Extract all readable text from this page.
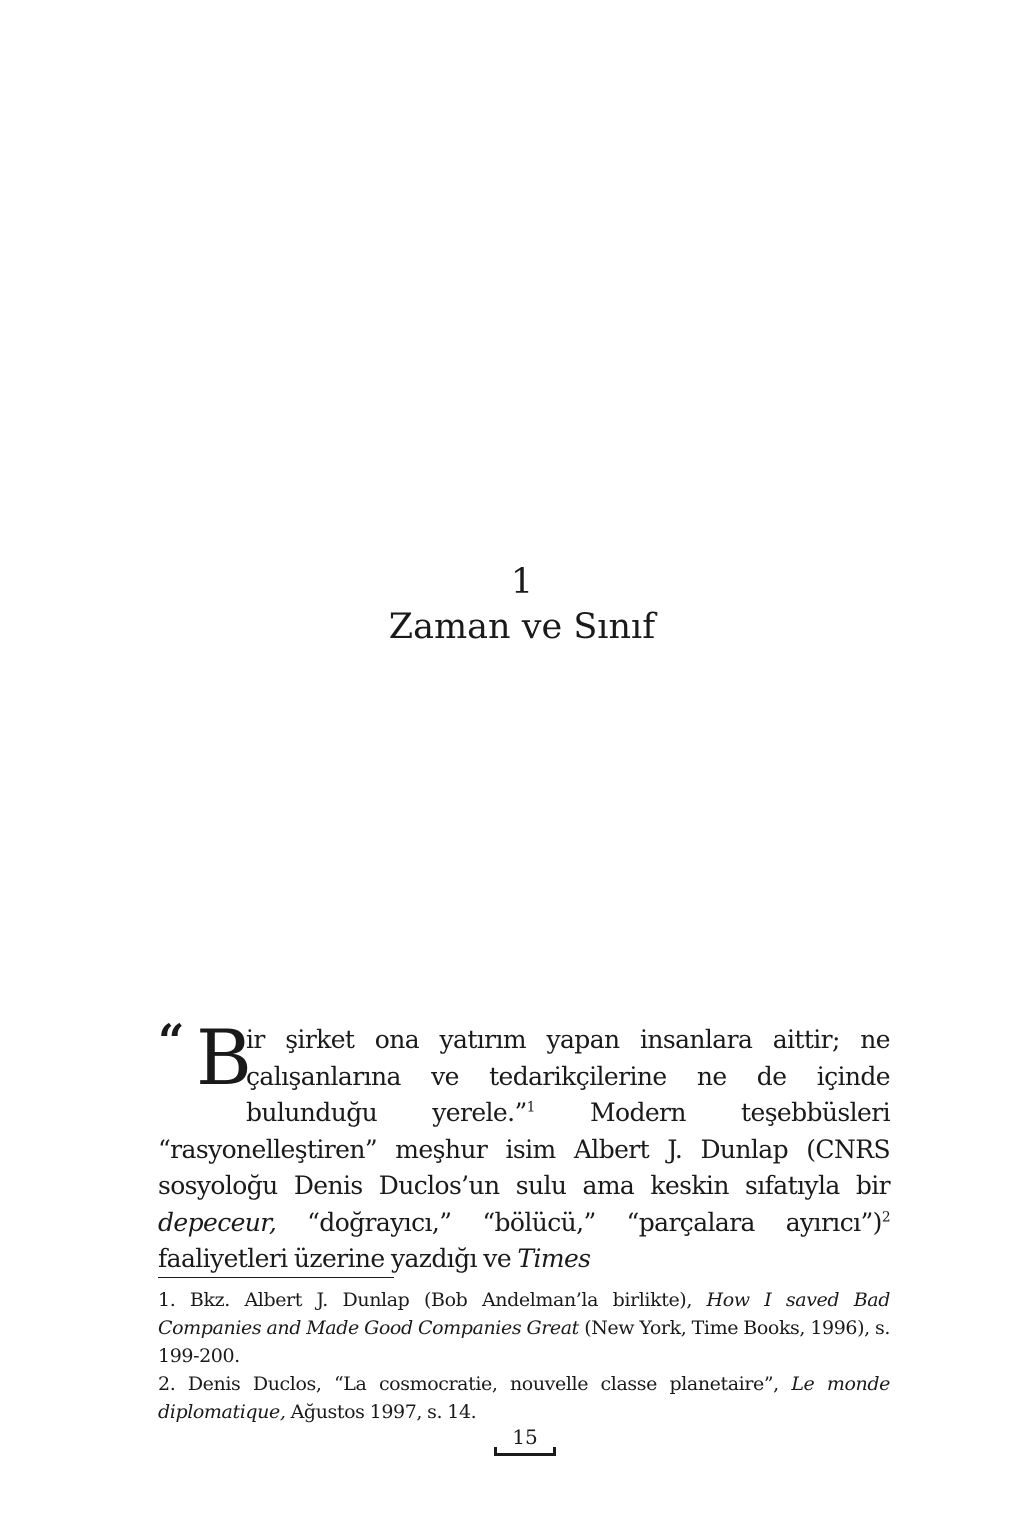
1
Zaman ve Sınıf

“ B
ir şirket ona yatırım yapan insanlara aittir; ne çalışanlarına ve tedarikçilerine ne de içinde bulunduğu yerele.”$^1$ Modern teşebbüsleri “rasyonelleştiren” meşhur isim Albert J. Dunlap (CNRS sosyoloğu Denis Duclos’un sulu ama keskin sıfatıyla bir depeceur, “doğrayıcı,” “bölücü,” “parçalara ayırıcı”)$^2$ faaliyetleri üzerine yazdığı ve Times

1. Bkz. Albert J. Dunlap (Bob Andelman’la birlikte), How I saved Bad Companies and Made Good Companies Great (New York, Time Books, 1996), s. 199-200.

2. Denis Duclos, “La cosmocratie, nouvelle classe planetaire”, Le monde diplomatique, Ağustos 1997, s. 14.

15
